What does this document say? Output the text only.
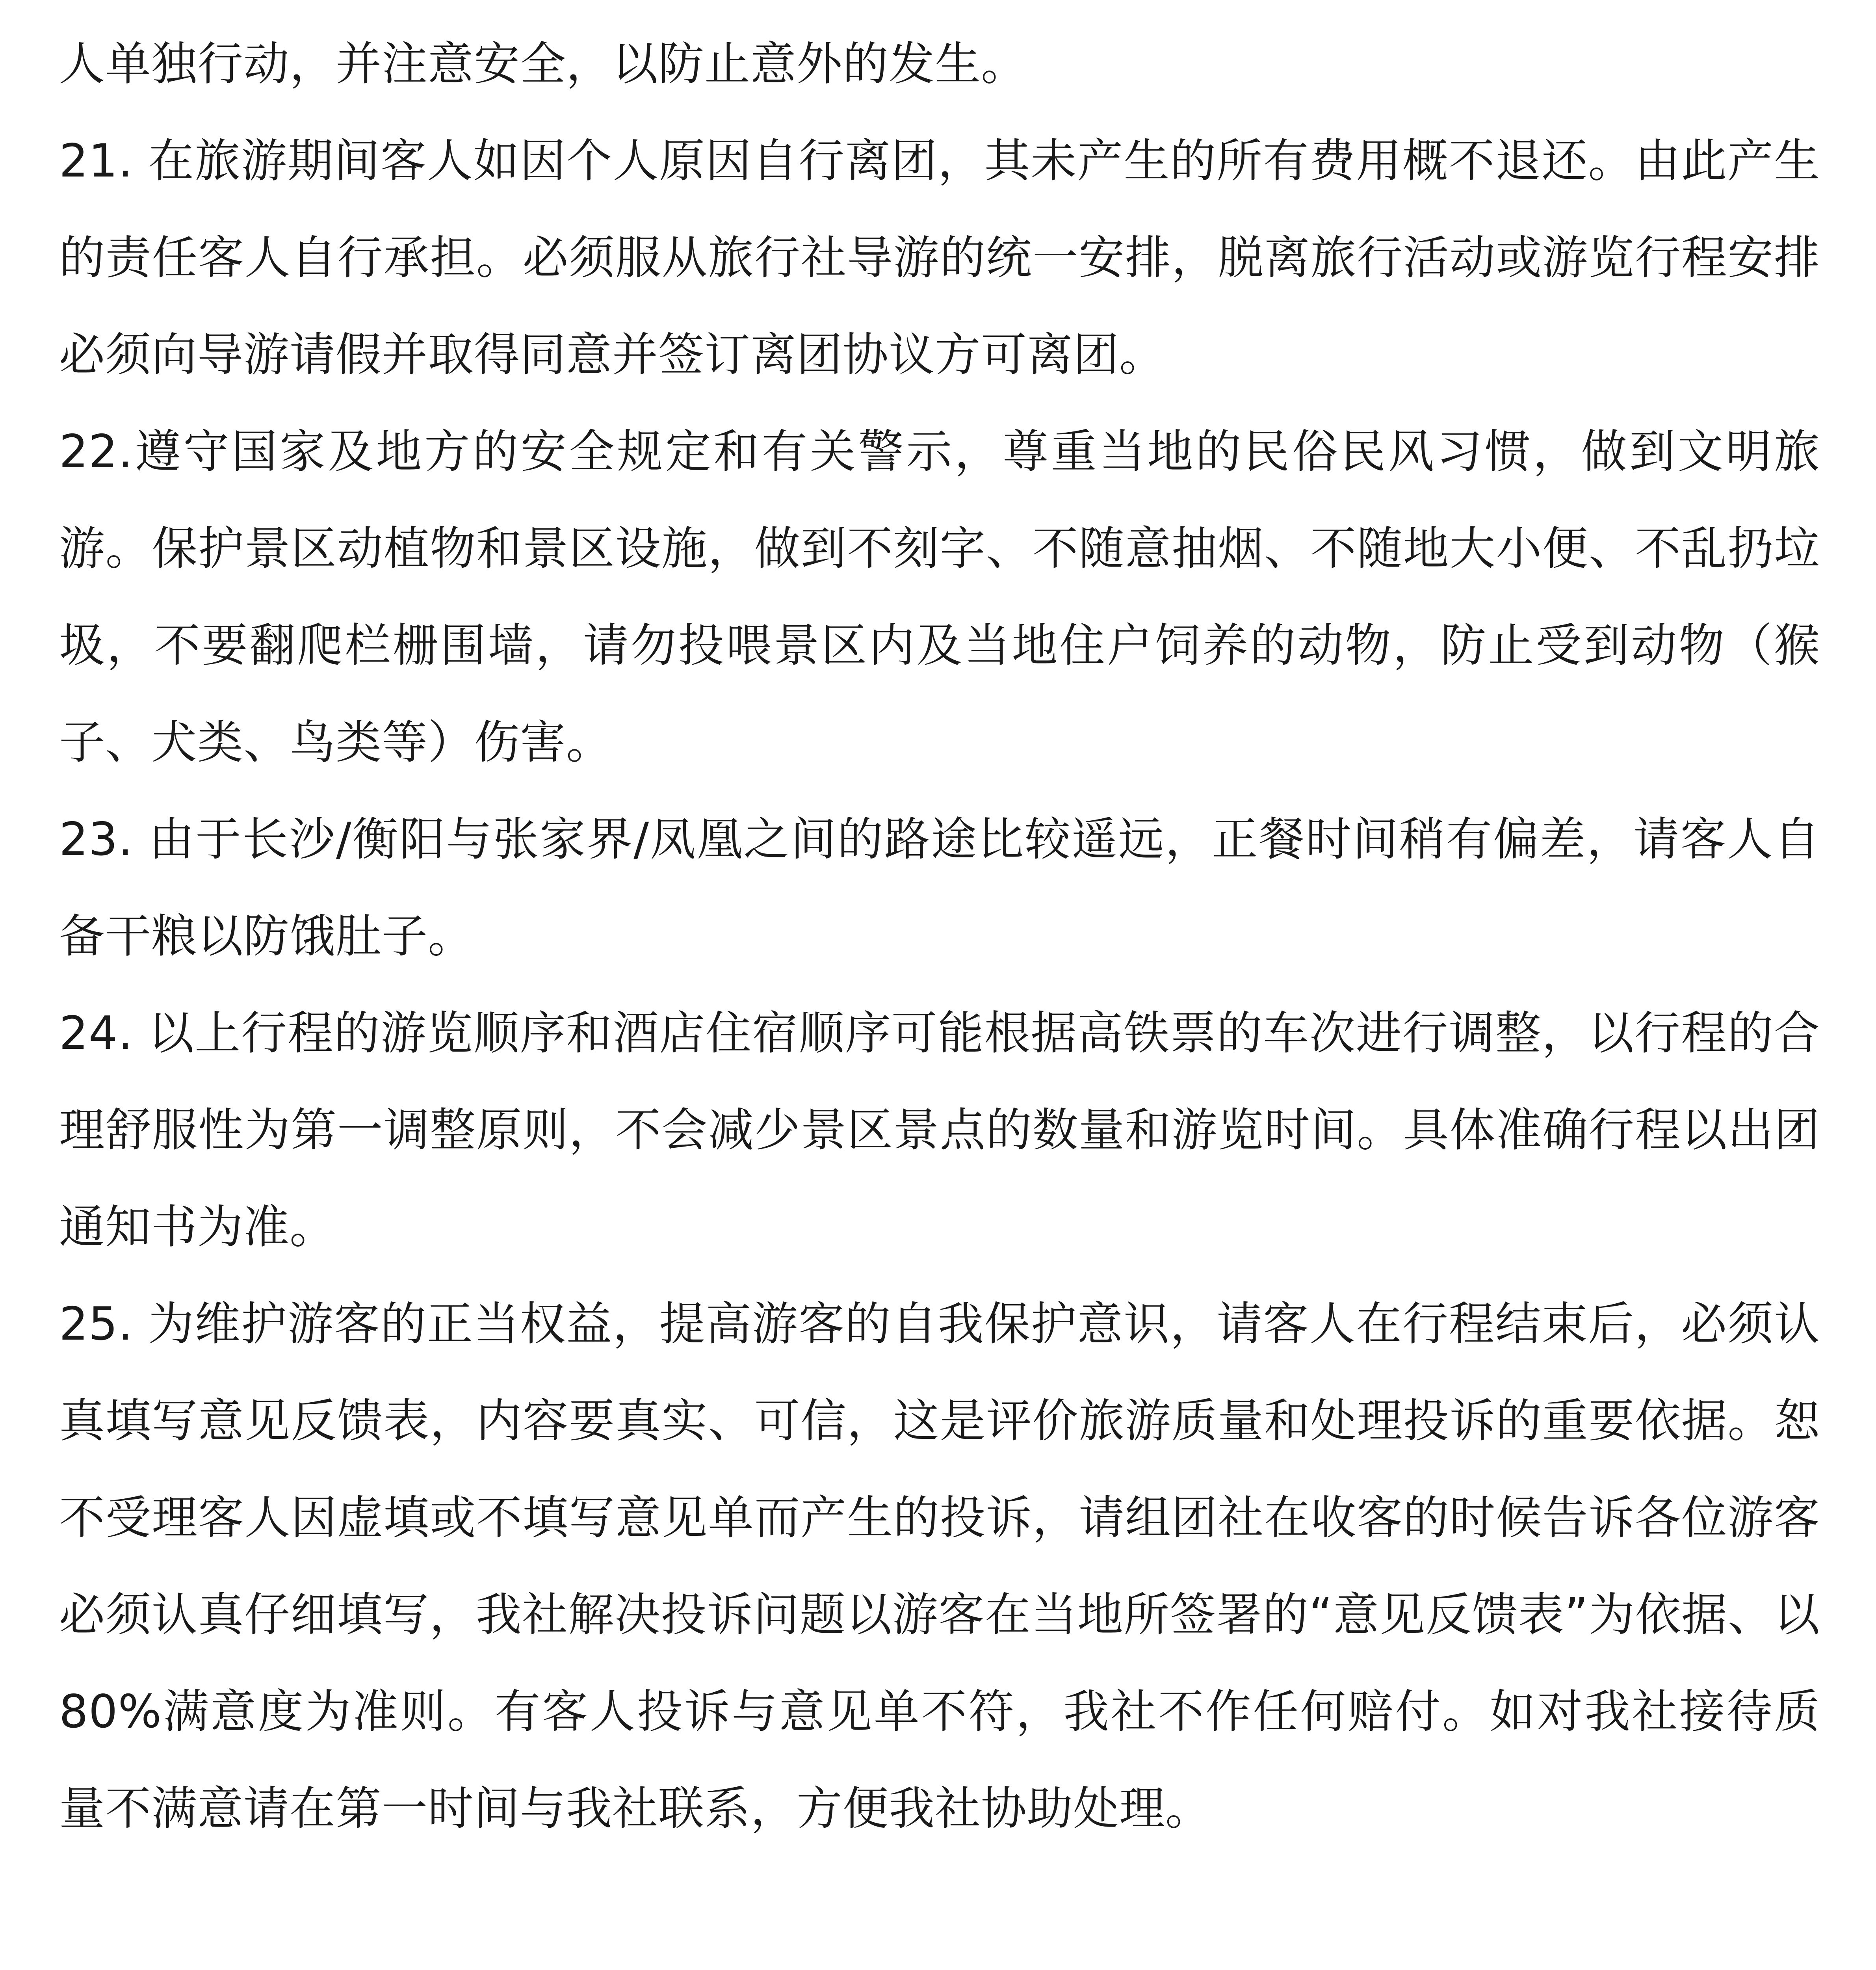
人单独行动，并注意安全，以防止意外的发生。

21. 在旅游期间客人如因个人原因自行离团，其未产生的所有费用概不退还。由此产生的责任客人自行承担。必须服从旅行社导游的统一安排，脱离旅行活动或游览行程安排必须向导游请假并取得同意并签订离团协议方可离团。

22.遵守国家及地方的安全规定和有关警示，尊重当地的民俗民风习惯，做到文明旅游。保护景区动植物和景区设施，做到不刻字、不随意抽烟、不随地大小便、不乱扔垃圾，不要翻爬栏栅围墙，请勿投喂景区内及当地住户饲养的动物，防止受到动物（猴子、犬类、鸟类等）伤害。

23. 由于长沙/衡阳与张家界/凤凰之间的路途比较遥远，正餐时间稍有偏差，请客人自备干粮以防饿肚子。

24. 以上行程的游览顺序和酒店住宿顺序可能根据高铁票的车次进行调整，以行程的合理舒服性为第一调整原则，不会减少景区景点的数量和游览时间。具体准确行程以出团通知书为准。

25. 为维护游客的正当权益，提高游客的自我保护意识，请客人在行程结束后，必须认真填写意见反馈表，内容要真实、可信，这是评价旅游质量和处理投诉的重要依据。恕不受理客人因虚填或不填写意见单而产生的投诉，请组团社在收客的时候告诉各位游客必须认真仔细填写，我社解决投诉问题以游客在当地所签署的“意见反馈表”为依据、以 80%满意度为准则。有客人投诉与意见单不符，我社不作任何赔付。如对我社接待质量不满意请在第一时间与我社联系，方便我社协助处理。
